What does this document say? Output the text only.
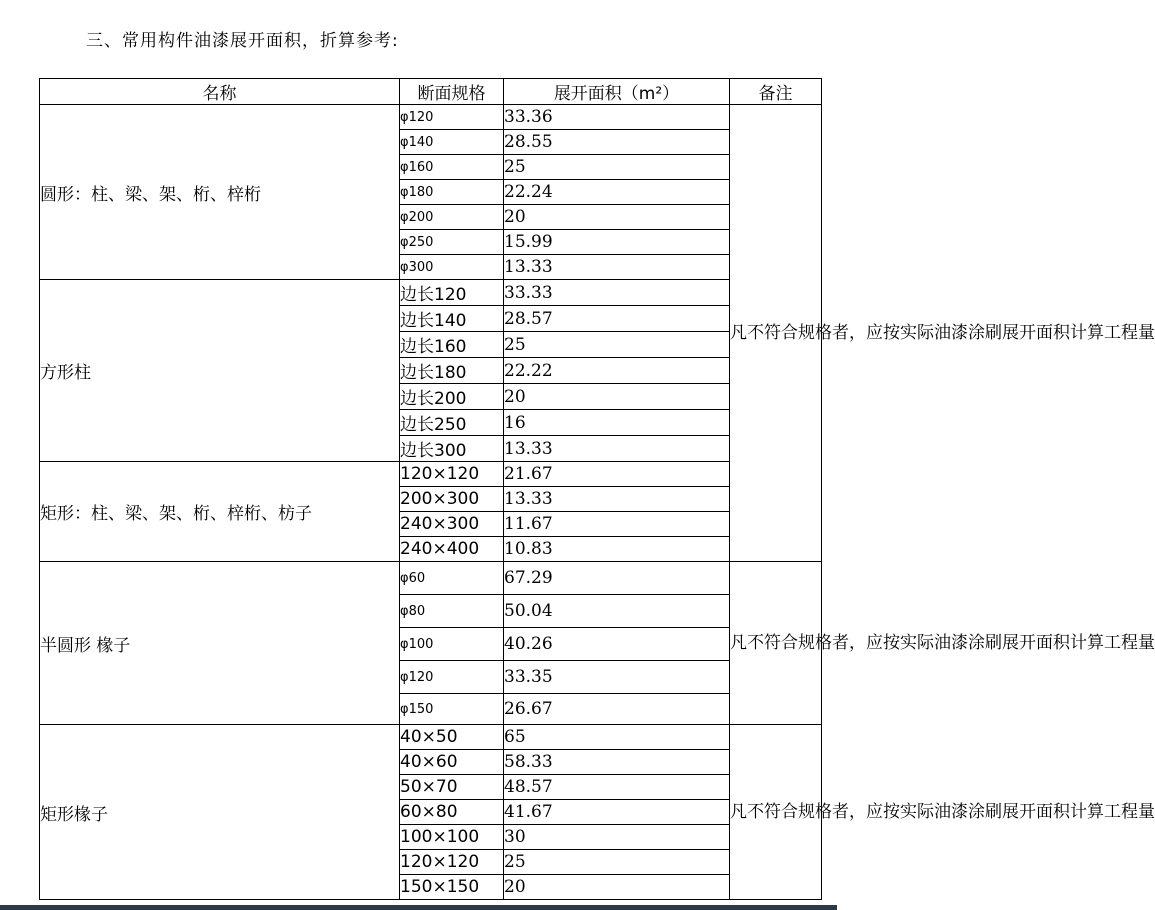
三、常用构件油漆展开面积，折算参考:
名称	断面规格	展开面积（m²）	备注
圆形：柱、梁、架、桁、梓桁	φ120	33.36	凡不符合规格者，应按实际油漆涂刷展开面积计算工程量
	φ140	28.55	
	φ160	25	
	φ180	22.24	
	φ200	20	
	φ250	15.99	
	φ300	13.33	
方形柱	边长120	33.33	
	边长140	28.57	
	边长160	25	
	边长180	22.22	
	边长200	20	
	边长250	16	
	边长300	13.33	
矩形：柱、梁、架、桁、梓桁、枋子	120×120	21.67	
	200×300	13.33	
	240×300	11.67	
	240×400	10.83	
半圆形 椽子	φ60	67.29	凡不符合规格者，应按实际油漆涂刷展开面积计算工程量
	φ80	50.04	
	φ100	40.26	
	φ120	33.35	
	φ150	26.67	
矩形椽子	40×50	65	凡不符合规格者，应按实际油漆涂刷展开面积计算工程量
	40×60	58.33	
	50×70	48.57	
	60×80	41.67	
	100×100	30	
	120×120	25	
	150×150	20	
